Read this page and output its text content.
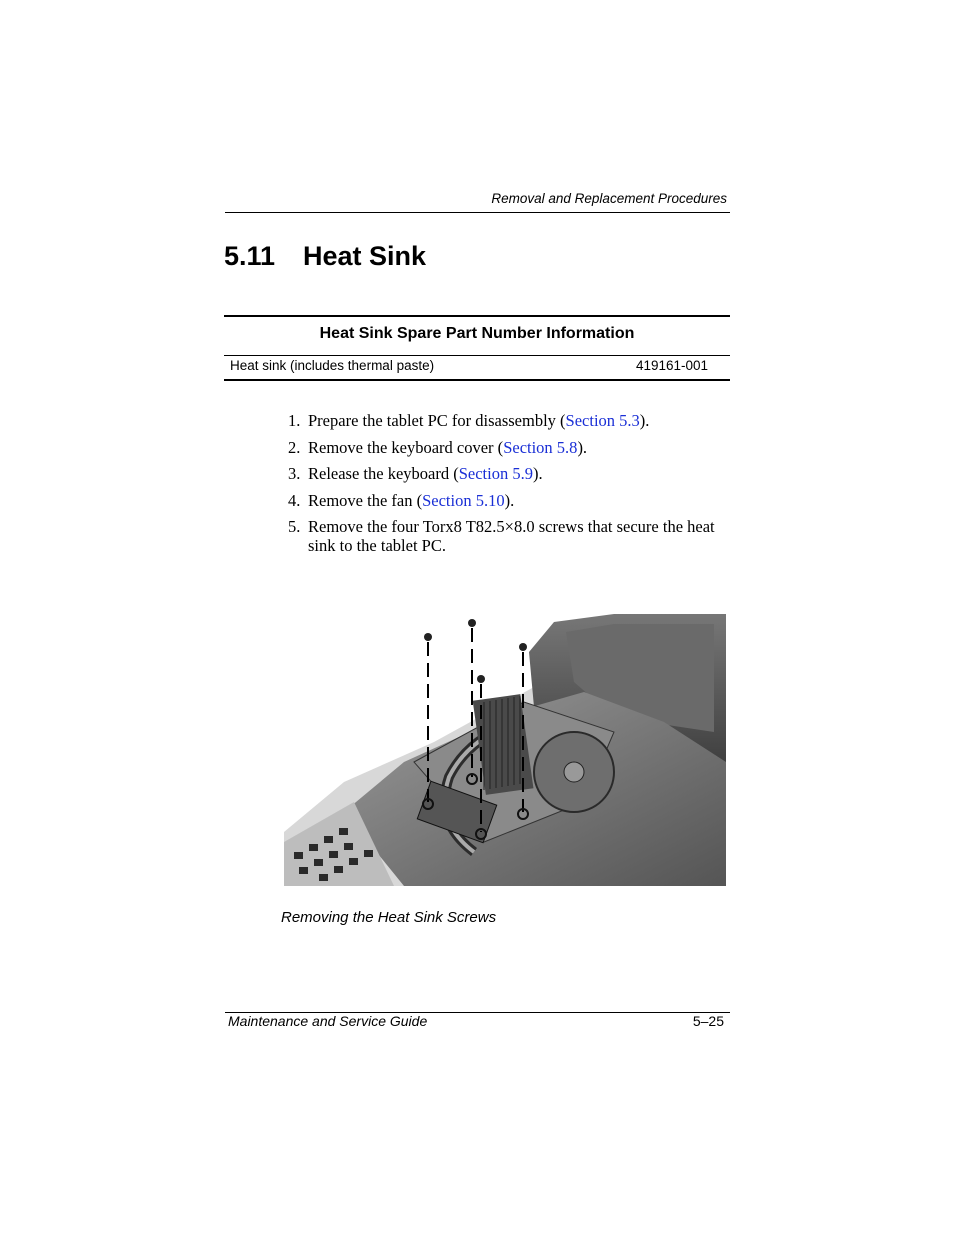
Removal and Replacement Procedures
5.11 Heat Sink
Heat Sink Spare Part Number Information
Heat sink (includes thermal paste)	419161-001
1. Prepare the tablet PC for disassembly (Section 5.3).
2. Remove the keyboard cover (Section 5.8).
3. Release the keyboard (Section 5.9).
4. Remove the fan (Section 5.10).
5. Remove the four Torx8 T82.5×8.0 screws that secure the heat sink to the tablet PC.
Removing the Heat Sink Screws
Maintenance and Service Guide	5–25
